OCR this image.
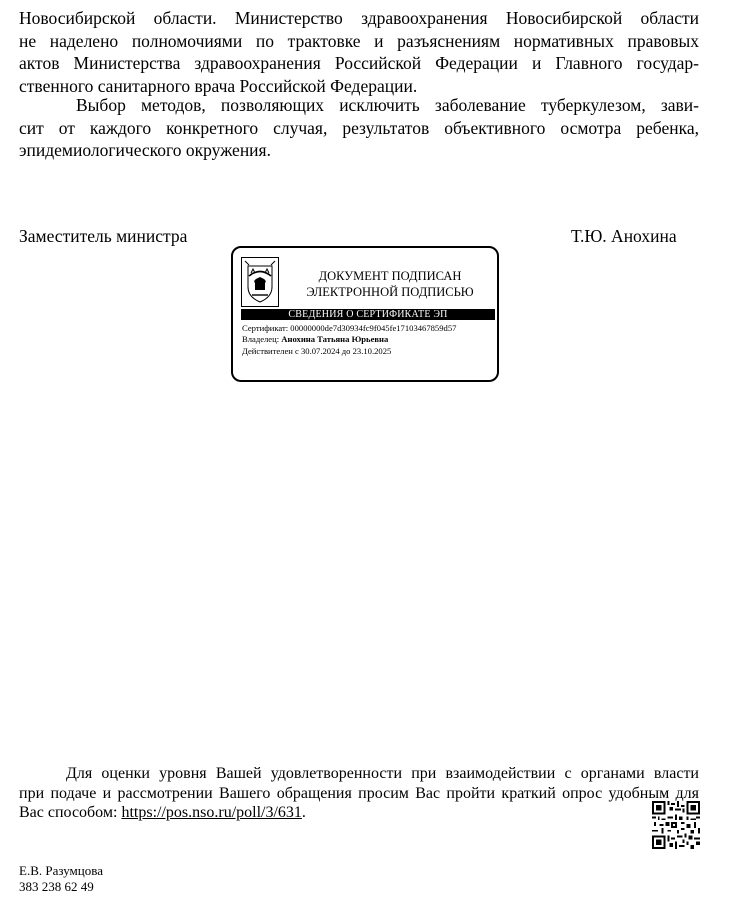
Новосибирской области. Министерство здравоохранения Новосибирской области
не наделено полномочиями по трактовке и разъяснениям нормативных правовых
актов Министерства здравоохранения Российской Федерации и Главного государ-
ственного санитарного врача Российской Федерации.
Выбор методов, позволяющих исключить заболевание туберкулезом, зави-
сит от каждого конкретного случая, результатов объективного осмотра ребенка,
эпидемиологического окружения.
Заместитель министра	Т.Ю. Анохина
ДОКУМЕНТ ПОДПИСАН
ЭЛЕКТРОННОЙ ПОДПИСЬЮ
СВЕДЕНИЯ О СЕРТИФИКАТЕ ЭП
Сертификат: 00000000de7d30934fc9f045fe17103467859d57
Владелец: Анохина Татьяна Юрьевна
Действителен с 30.07.2024 до 23.10.2025
Для оценки уровня Вашей удовлетворенности при взаимодействии с органами власти
при подаче и рассмотрении Вашего обращения просим Вас пройти краткий опрос удобным для
Вас способом: https://pos.nso.ru/poll/3/631.
Е.В. Разумцова
383 238 62 49
